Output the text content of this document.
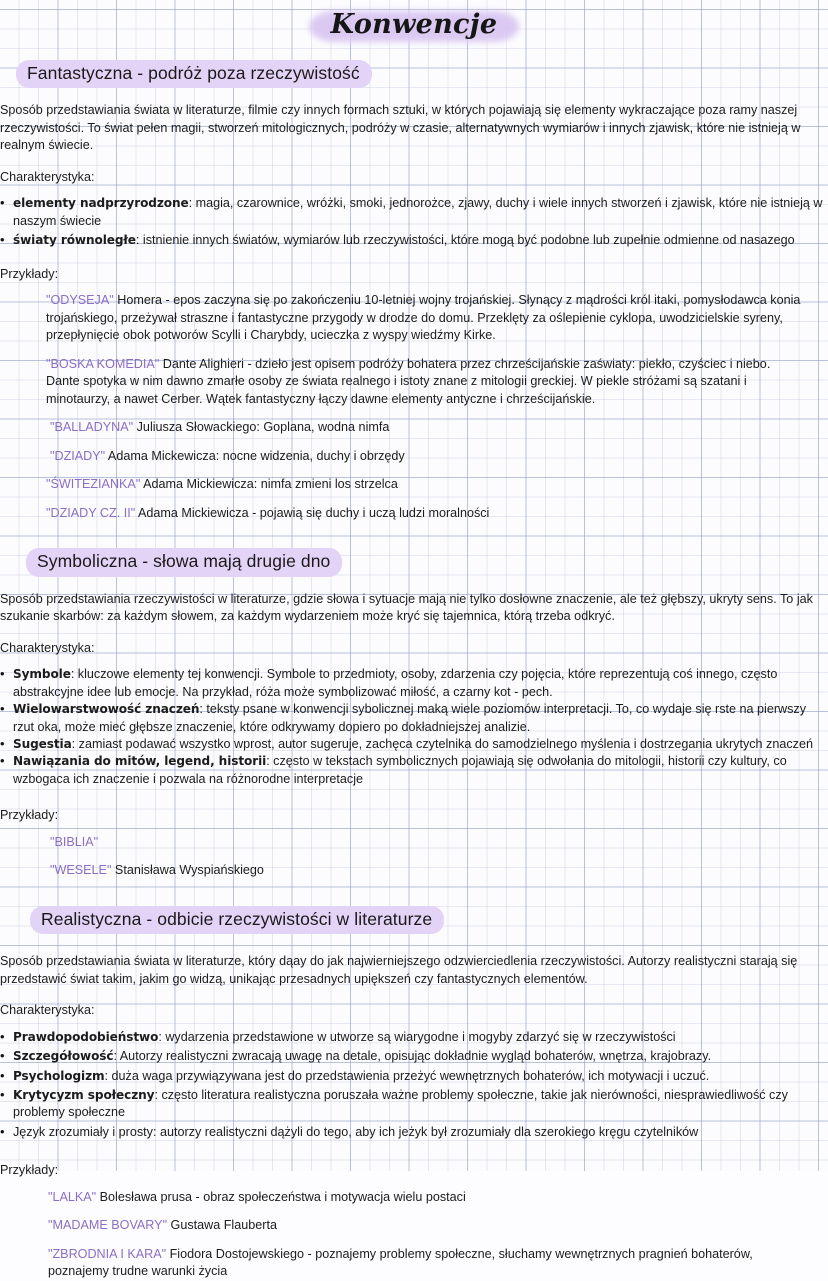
Konwencje
Fantastyczna - podróż poza rzeczywistość

Sposób przedstawiania świata w literaturze, filmie czy innych formach sztuki, w których pojawiają się elementy wykraczające poza ramy naszej rzeczywistości. To świat pełen magii, stworzeń mitologicznych, podróży w czasie, alternatywnych wymiarów i innych zjawisk, które nie istnieją w realnym świecie.

Charakterystyka:

• elementy nadprzyrodzone: magia, czarownice, wróżki, smoki, jednorożce, zjawy, duchy i wiele innych stworzeń i zjawisk, które nie istnieją w naszym świecie
• światy równoległe: istnienie innych światów, wymiarów lub rzeczywistości, które mogą być podobne lub zupełnie odmienne od nasazego

Przykłady:

"ODYSEJA" Homera - epos zaczyna się po zakończeniu 10-letniej wojny trojańskiej. Słynący z mądrości król itaki, pomysłodawca konia trojańskiego, przeżywał straszne i fantastyczne przygody w drodze do domu. Przeklęty za oślepienie cyklopa, uwodzicielskie syreny, przepłynięcie obok potworów Scylli i Charybdy, ucieczka z wyspy wiedźmy Kirke.

"BOSKA KOMEDIA" Dante Alighieri - dzieło jest opisem podróży bohatera przez chrześcijańskie zaświaty: piekło, czyściec i niebo. Dante spotyka w nim dawno zmarłe osoby ze świata realnego i istoty znane z mitologii greckiej. W piekle stróżami są szatani i minotaurzy, a nawet Cerber. Wątek fantastyczny łączy dawne elementy antyczne i chrześcijańskie.

"BALLADYNA" Juliusza Słowackiego: Goplana, wodna nimfa

"DZIADY" Adama Mickewicza: nocne widzenia, duchy i obrzędy

"ŚWITEZIANKA" Adama Mickiewicza: nimfa zmieni los strzelca

"DZIADY CZ. II" Adama Mickiewicza - pojawią się duchy i uczą ludzi moralności

Symboliczna - słowa mają drugie dno

Sposób przedstawiania rzeczywistości w literaturze, gdzie słowa i sytuacje mają nie tylko dosłowne znaczenie, ale też głębszy, ukryty sens. To jak szukanie skarbów: za każdym słowem, za każdym wydarzeniem może kryć się tajemnica, którą trzeba odkryć.

Charakterystyka:

• Symbole: kluczowe elementy tej konwencji. Symbole to przedmioty, osoby, zdarzenia czy pojęcia, które reprezentują coś innego, często abstrakcyjne idee lub emocje. Na przykład, róża może symbolizować miłość, a czarny kot - pech.
• Wielowarstwowość znaczeń: teksty psane w konwencji sybolicznej maką wiele poziomów interpretacji. To, co wydaje się rste na pierwszy rzut oka, może mieć głębsze znaczenie, które odkrywamy dopiero po dokładniejszej analizie.
• Sugestia: zamiast podawać wszystko wprost, autor sugeruje, zachęca czytelnika do samodzielnego myślenia i dostrzegania ukrytych znaczeń
• Nawiązania do mitów, legend, historii: często w tekstach symbolicznych pojawiają się odwołania do mitologii, historii czy kultury, co wzbogaca ich znaczenie i pozwala na różnorodne interpretacje

Przykłady:

"BIBLIA"

"WESELE" Stanisława Wyspiańskiego

Realistyczna - odbicie rzeczywistości w literaturze

Sposób przedstawiania świata w literaturze, który dąay do jak najwierniejszego odzwierciedlenia rzeczywistości. Autorzy realistyczni starają się przedstawić świat takim, jakim go widzą, unikając przesadnych upiększeń czy fantastycznych elementów.

Charakterystyka:

• Prawdopodobieństwo: wydarzenia przedstawione w utworze są wiarygodne i mogyby zdarzyć się w rzeczywistości
• Szczegółowość: Autorzy realistyczni zwracają uwagę na detale, opisując dokładnie wygląd bohaterów, wnętrza, krajobrazy.
• Psychologizm: duża waga przywiązywana jest do przedstawienia przeżyć wewnętrznych bohaterów, ich motywacji i uczuć.
• Krytycyzm społeczny: często literatura realistyczna poruszała ważne problemy społeczne, takie jak nierówności, niesprawiedliwość czy problemy społeczne
• Język zrozumiały i prosty: autorzy realistyczni dążyli do tego, aby ich jeżyk był zrozumiały dla szerokiego kręgu czytelników

Przykłady:

"LALKA" Bolesława prusa - obraz społeczeństwa i motywacja wielu postaci

"MADAME BOVARY" Gustawa Flauberta

"ZBRODNIA I KARA" Fiodora Dostojewskiego - poznajemy problemy społeczne, słuchamy wewnętrznych pragnień bohaterów, poznajemy trudne warunki życia
